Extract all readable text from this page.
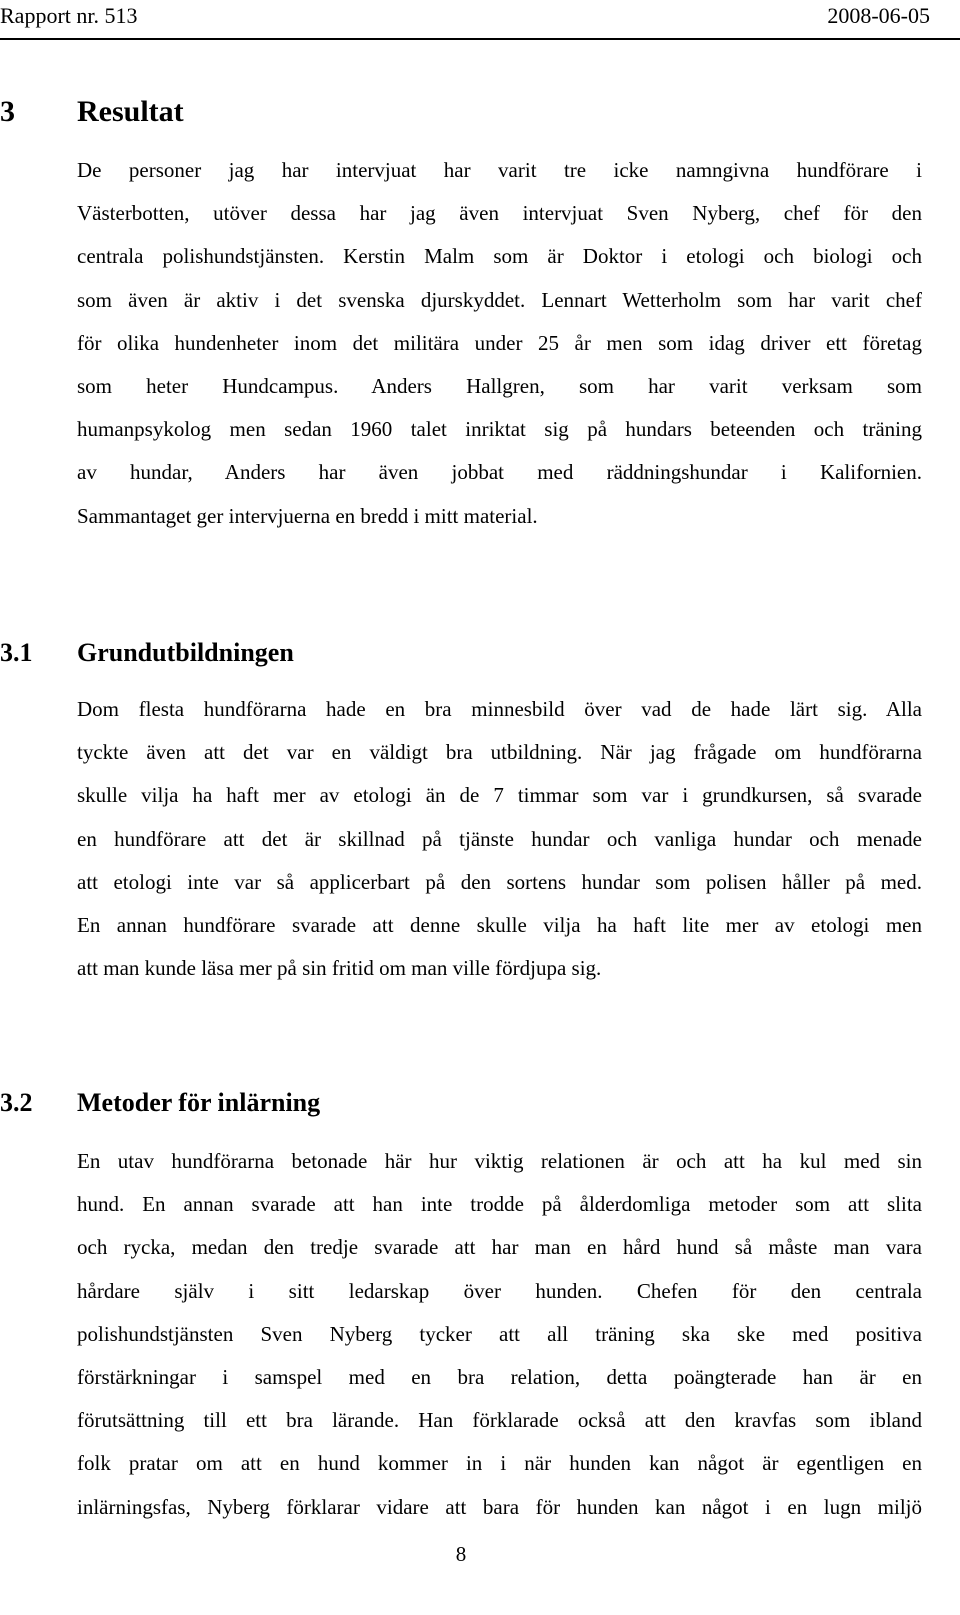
Rapport nr. 513	2008-06-05
3 Resultat
De personer jag har intervjuat har varit tre icke namngivna hundförare i
Västerbotten, utöver dessa har jag även intervjuat Sven Nyberg, chef för den
centrala polishundstjänsten. Kerstin Malm som är Doktor i etologi och biologi och
som även är aktiv i det svenska djurskyddet. Lennart Wetterholm som har varit chef
för olika hundenheter inom det militära under 25 år men som idag driver ett företag
som heter Hundcampus. Anders Hallgren, som har varit verksam som
humanpsykolog men sedan 1960 talet inriktat sig på hundars beteenden och träning
av hundar, Anders har även jobbat med räddningshundar i Kalifornien.
Sammantaget ger intervjuerna en bredd i mitt material.
3.1 Grundutbildningen
Dom flesta hundförarna hade en bra minnesbild över vad de hade lärt sig. Alla
tyckte även att det var en väldigt bra utbildning. När jag frågade om hundförarna
skulle vilja ha haft mer av etologi än de 7 timmar som var i grundkursen, så svarade
en hundförare att det är skillnad på tjänste hundar och vanliga hundar och menade
att etologi inte var så applicerbart på den sortens hundar som polisen håller på med.
En annan hundförare svarade att denne skulle vilja ha haft lite mer av etologi men
att man kunde läsa mer på sin fritid om man ville fördjupa sig.
3.2 Metoder för inlärning
En utav hundförarna betonade här hur viktig relationen är och att ha kul med sin
hund. En annan svarade att han inte trodde på ålderdomliga metoder som att slita
och rycka, medan den tredje svarade att har man en hård hund så måste man vara
hårdare själv i sitt ledarskap över hunden. Chefen för den centrala
polishundstjänsten Sven Nyberg tycker att all träning ska ske med positiva
förstärkningar i samspel med en bra relation, detta poängterade han är en
förutsättning till ett bra lärande. Han förklarade också att den kravfas som ibland
folk pratar om att en hund kommer in i när hunden kan något är egentligen en
inlärningsfas, Nyberg förklarar vidare att bara för hunden kan något i en lugn miljö
8
